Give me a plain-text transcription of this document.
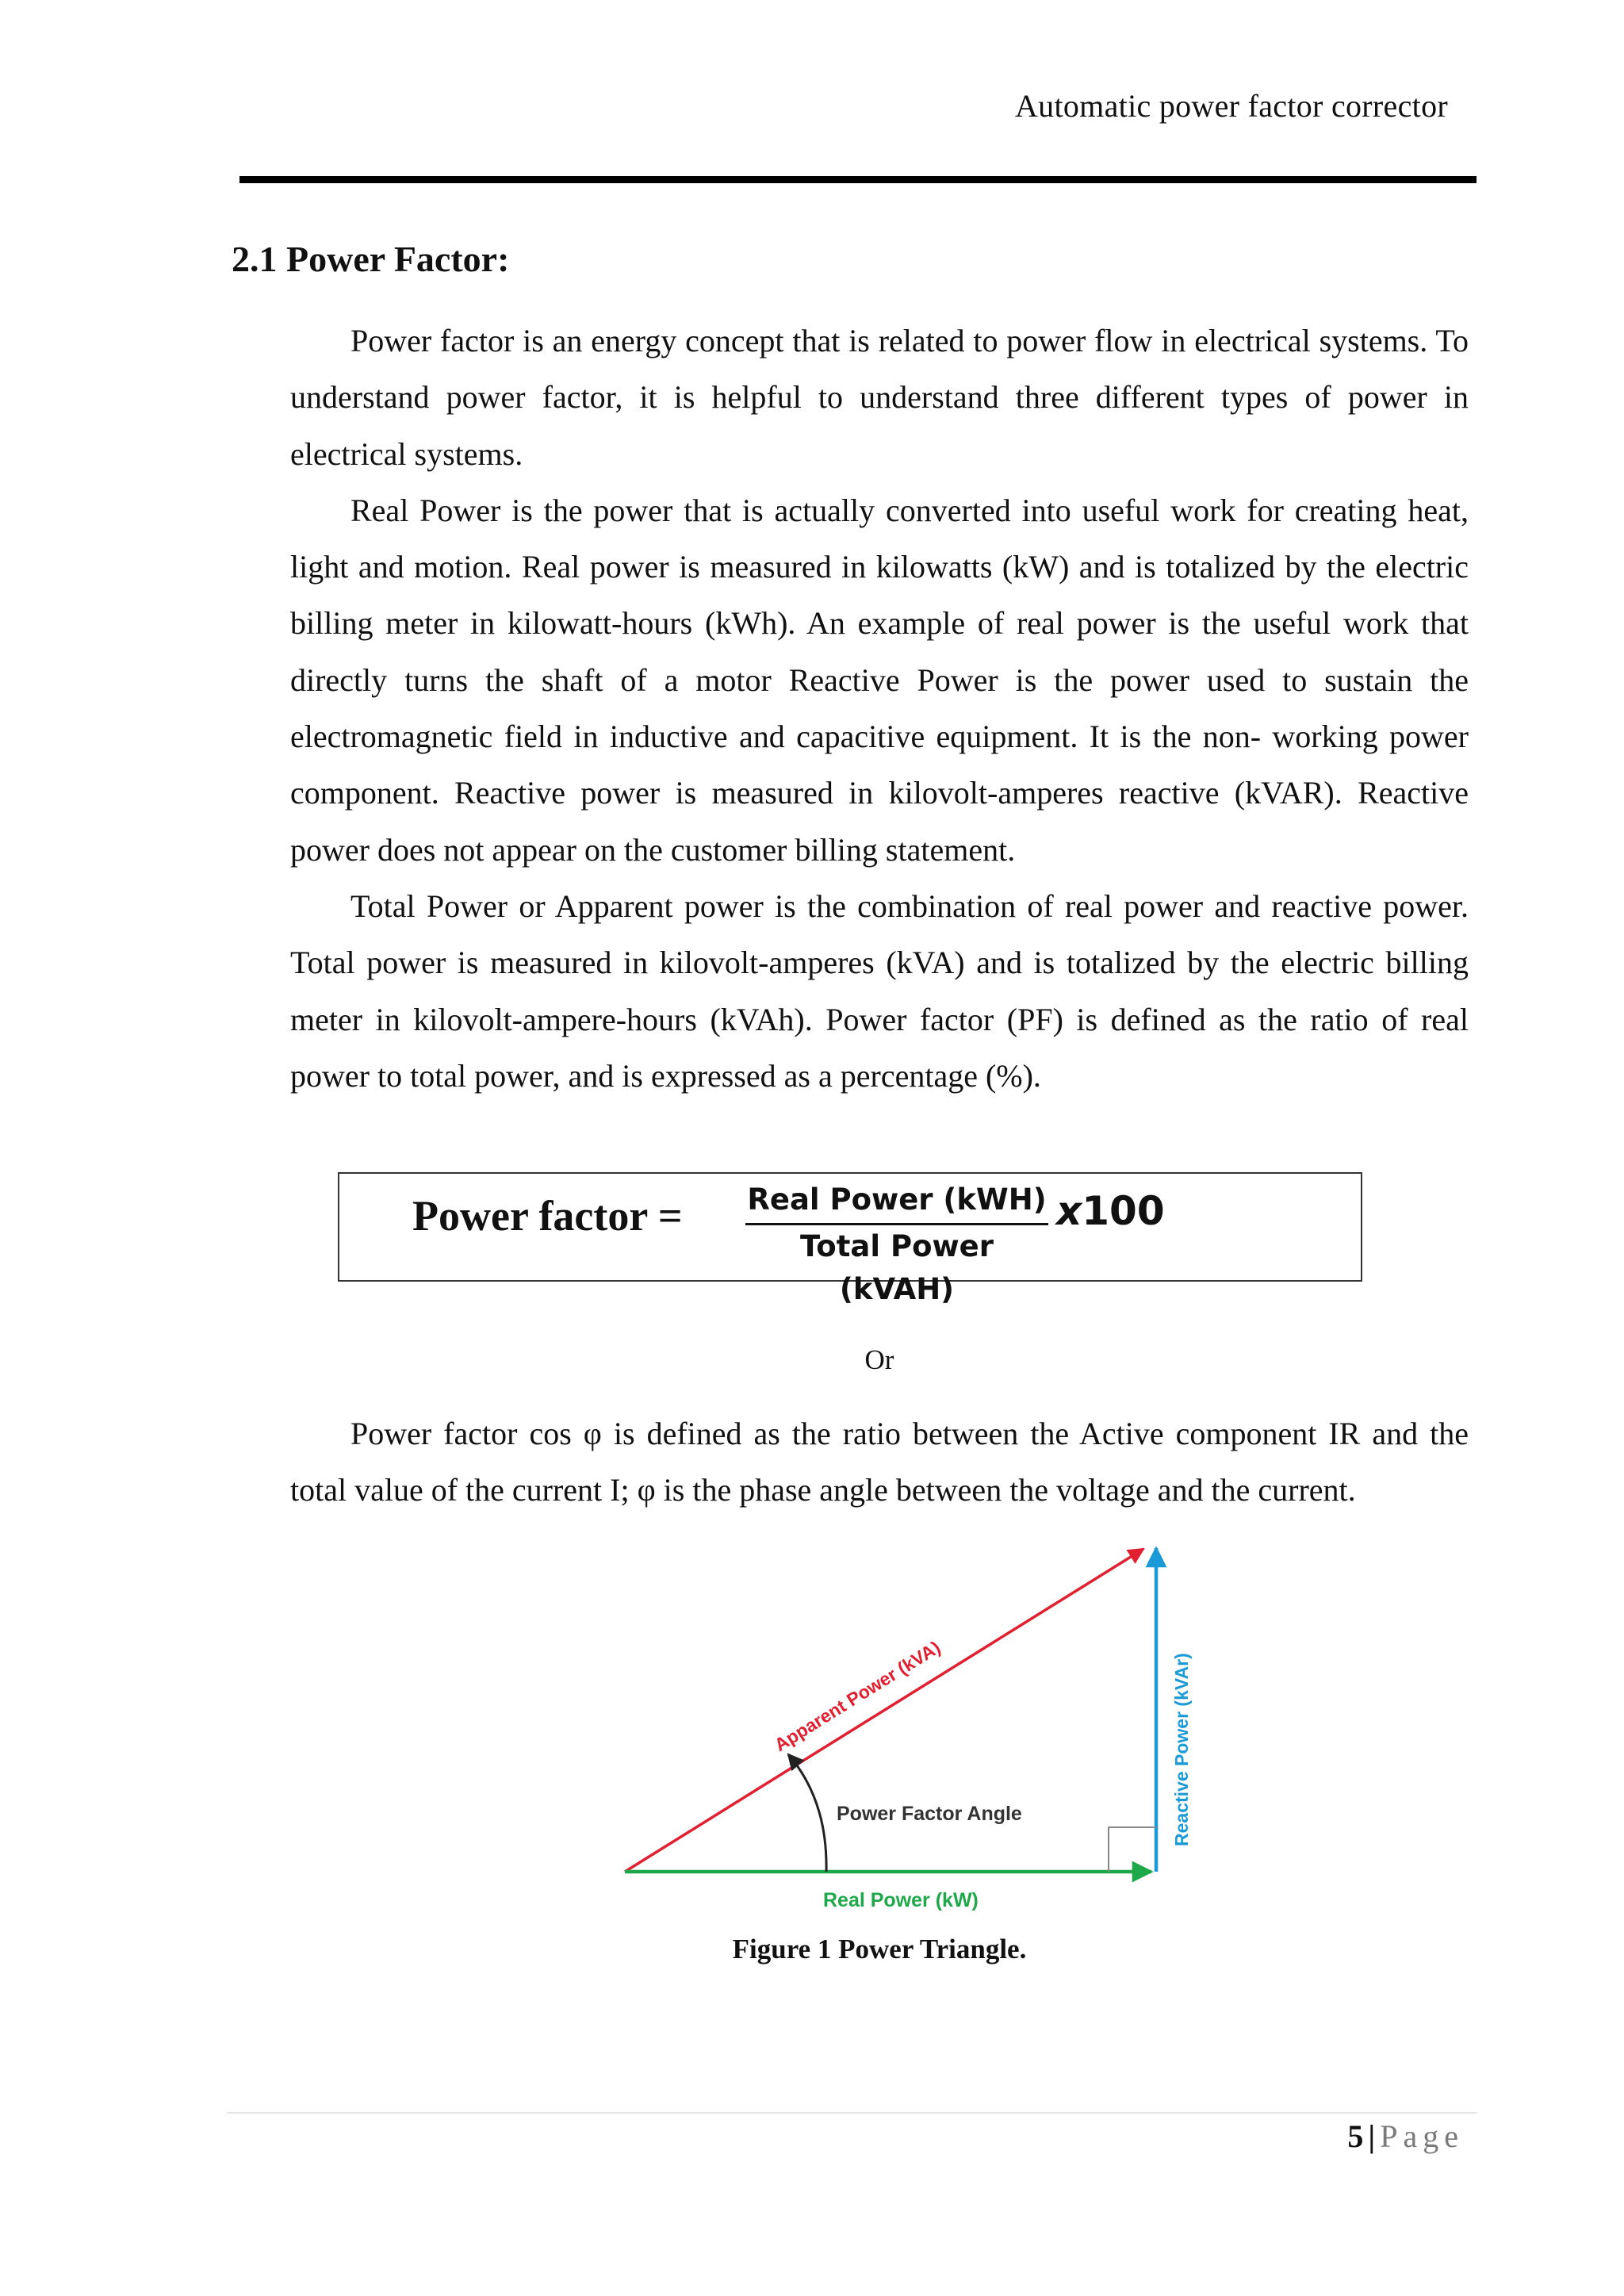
Automatic power factor corrector
2.1 Power Factor:

Power factor is an energy concept that is related to power flow in electrical systems. To understand power factor, it is helpful to understand three different types of power in electrical systems.

Real Power is the power that is actually converted into useful work for creating heat, light and motion. Real power is measured in kilowatts (kW) and is totalized by the electric billing meter in kilowatt-hours (kWh). An example of real power is the useful work that directly turns the shaft of a motor Reactive Power is the power used to sustain the electromagnetic field in inductive and capacitive equipment. It is the non- working power component. Reactive power is measured in kilovolt-amperes reactive (kVAR). Reactive power does not appear on the customer billing statement.

Total Power or Apparent power is the combination of real power and reactive power. Total power is measured in kilovolt-amperes (kVA) and is totalized by the electric billing meter in kilovolt-ampere-hours (kVAh). Power factor (PF) is defined as the ratio of real power to total power, and is expressed as a percentage (%).

Power factor = Real Power (kWH)
Total Power (kVAH)
x100
Or

Power factor cos φ is defined as the ratio between the Active component IR and the total value of the current I; φ is the phase angle between the voltage and the current.

Apparent Power (kVA)
Power Factor Angle
Real Power (kW)
Reactive Power (kVAr)
Figure 1 Power Triangle.
5 | Page
